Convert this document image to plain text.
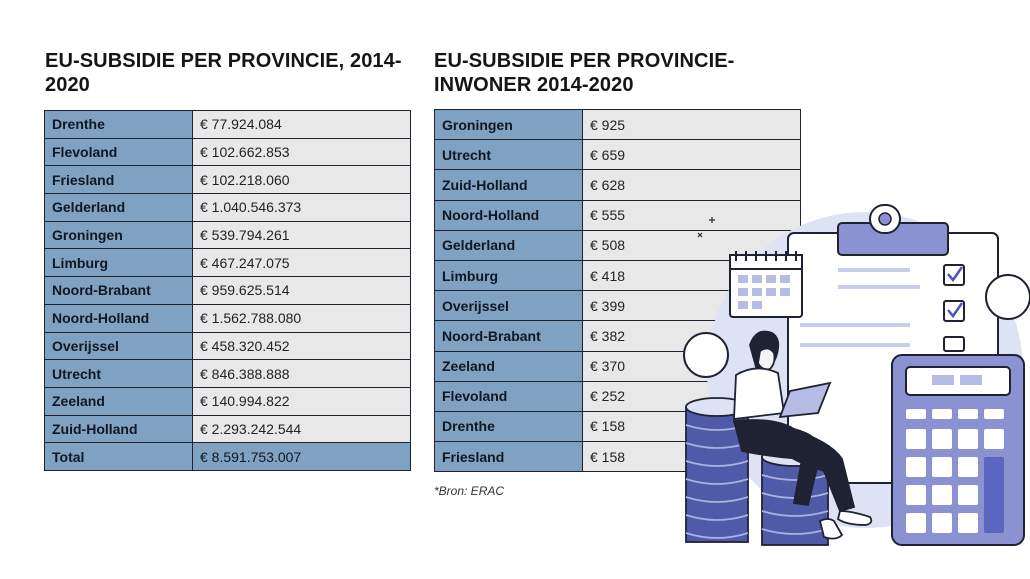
EU-SUBSIDIE PER PROVINCIE, 2014-2020
EU-SUBSIDIE PER PROVINCIE-INWONER 2014-2020
Drenthe	€ 77.924.084
Flevoland	€ 102.662.853
Friesland	€ 102.218.060
Gelderland	€ 1.040.546.373
Groningen	€ 539.794.261
Limburg	€ 467.247.075
Noord-Brabant	€ 959.625.514
Noord-Holland	€ 1.562.788.080
Overijssel	€ 458.320.452
Utrecht	€ 846.388.888
Zeeland	€ 140.994.822
Zuid-Holland	€ 2.293.242.544
Total	€ 8.591.753.007
Groningen	€ 925
Utrecht	€ 659
Zuid-Holland	€ 628
Noord-Holland	€ 555
Gelderland	€ 508
Limburg	€ 418
Overijssel	€ 399
Noord-Brabant	€ 382
Zeeland	€ 370
Flevoland	€ 252
Drenthe	€ 158
Friesland	€ 158
*Bron: ERAC
